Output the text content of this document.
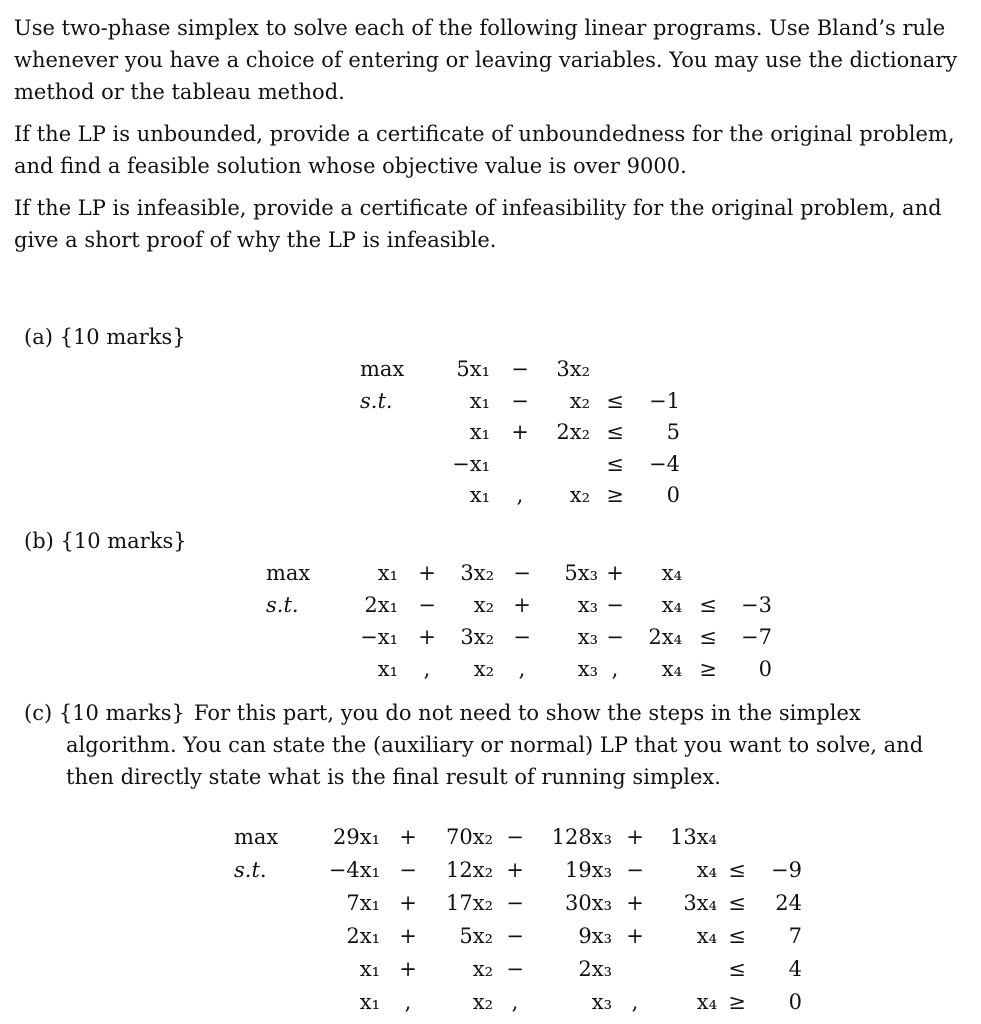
Use two-phase simplex to solve each of the following linear programs. Use Bland’s rule whenever you have a choice of entering or leaving variables. You may use the dictionary method or the tableau method.

If the LP is unbounded, provide a certificate of unboundedness for the original problem, and find a feasible solution whose objective value is over 9000.

If the LP is infeasible, provide a certificate of infeasibility for the original problem, and give a short proof of why the LP is infeasible.

(a) {10 marks}
max	5x₁ −	3x₂
s.t.	x₁ −	x₂ ≤	−1
x₁ +	2x₂ ≤	5
−x₁	≤	−4
x₁	,	x₂ ≥	0
(b) {10 marks}
max	x₁ +	3x₂ −	5x₃ +	x₄
s.t.	2x₁ −	x₂ +	x₃ −	x₄ ≤	−3
−x₁ +	3x₂ −	x₃ −	2x₄ ≤	−7
x₁	,	x₂	,	x₃ ,	x₄ ≥	0
(c) {10 marks} For this part, you do not need to show the steps in the simplex algorithm. You can state the (auxiliary or normal) LP that you want to solve, and then directly state what is the final result of running simplex.

max	29x₁ +	70x₂ −	128x₃ +	13x₄
s.t.	−4x₁ −	12x₂ +	19x₃ −	x₄ ≤	−9
7x₁ +	17x₂ −	30x₃ +	3x₄ ≤	24
2x₁ +	5x₂ −	9x₃ +	x₄ ≤	7
x₁ +	x₂ −	2x₃	≤	4
x₁	,	x₂ ,	x₃ ,	x₄ ≥	0
